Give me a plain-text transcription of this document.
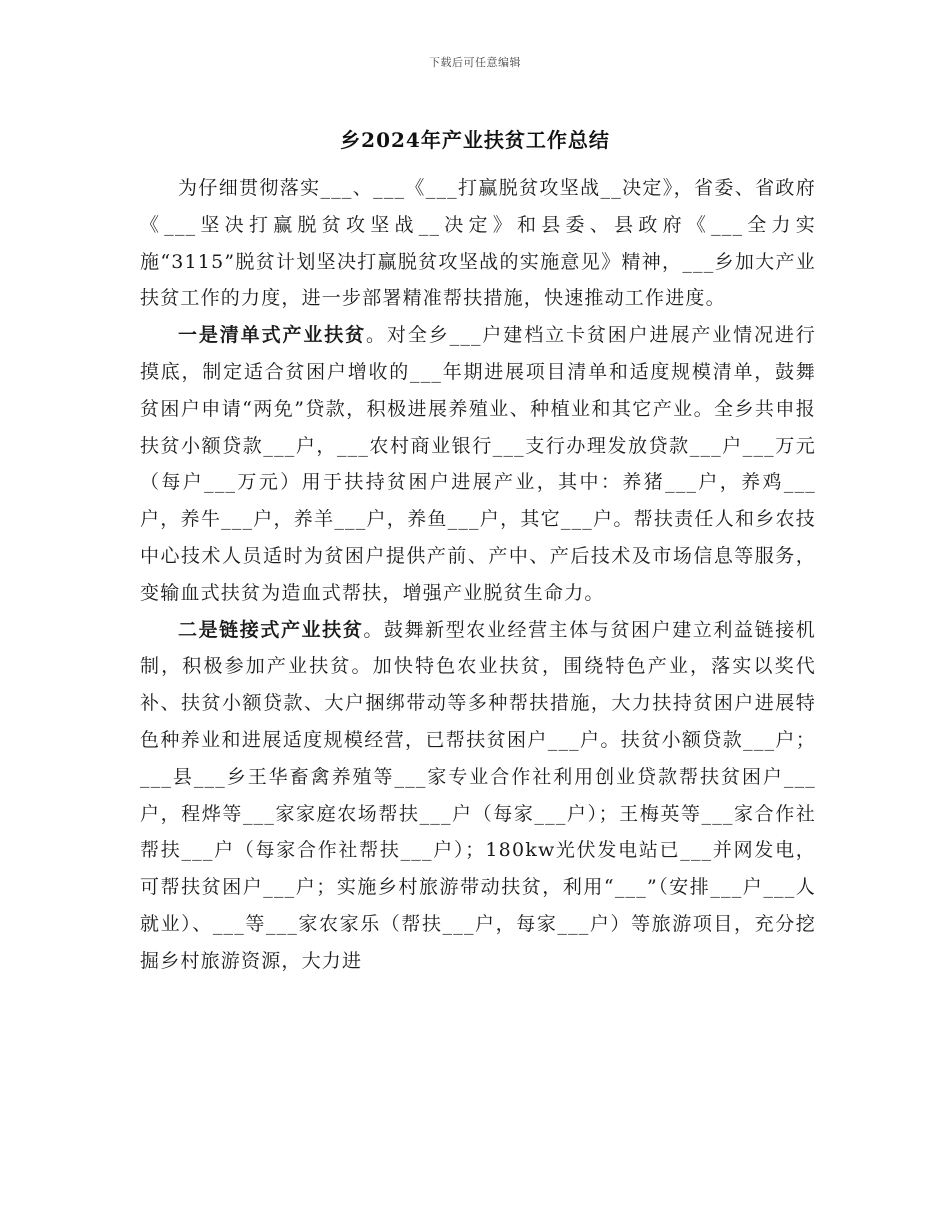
下载后可任意编辑
乡2024年产业扶贫工作总结

为仔细贯彻落实___、___《___打赢脱贫攻坚战__决定》，省委、省政府《___坚决打赢脱贫攻坚战__决定》和县委、县政府《___全力实施“3115”脱贫计划坚决打赢脱贫攻坚战的实施意见》精神，___乡加大产业扶贫工作的力度，进一步部署精准帮扶措施，快速推动工作进度。

一是清单式产业扶贫。对全乡___户建档立卡贫困户进展产业情况进行摸底，制定适合贫困户增收的___年期进展项目清单和适度规模清单，鼓舞贫困户申请“两免”贷款，积极进展养殖业、种植业和其它产业。全乡共申报扶贫小额贷款___户，___农村商业银行___支行办理发放贷款___户___万元（每户___万元）用于扶持贫困户进展产业，其中：养猪___户，养鸡___户，养牛___户，养羊___户，养鱼___户，其它___户。帮扶责任人和乡农技中心技术人员适时为贫困户提供产前、产中、产后技术及市场信息等服务，变输血式扶贫为造血式帮扶，增强产业脱贫生命力。

二是链接式产业扶贫。鼓舞新型农业经营主体与贫困户建立利益链接机制，积极参加产业扶贫。加快特色农业扶贫，围绕特色产业，落实以奖代补、扶贫小额贷款、大户捆绑带动等多种帮扶措施，大力扶持贫困户进展特色种养业和进展适度规模经营，已帮扶贫困户___户。扶贫小额贷款___户；___县___乡王华畜禽养殖等___家专业合作社利用创业贷款帮扶贫困户___户，程烨等___家家庭农场帮扶___户（每家___户）；王梅英等___家合作社帮扶___户（每家合作社帮扶___户）；180kw光伏发电站已___并网发电，可帮扶贫困户___户；实施乡村旅游带动扶贫，利用“___”（安排___户___人就业）、___等___家农家乐（帮扶___户，每家___户）等旅游项目，充分挖掘乡村旅游资源，大力进
